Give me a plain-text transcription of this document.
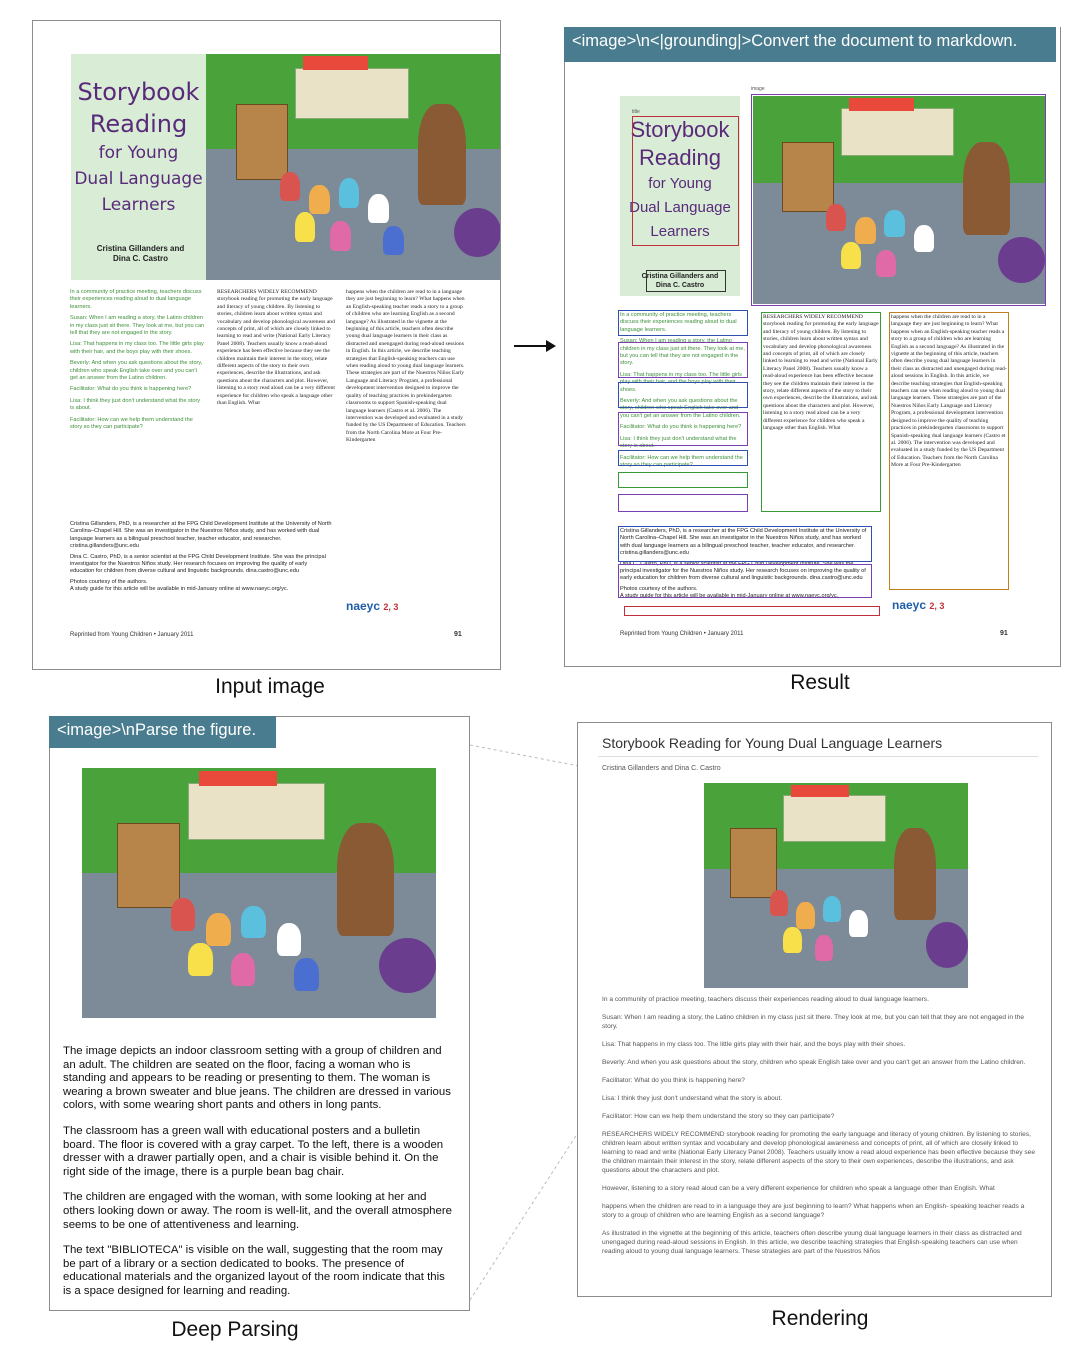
Storybook
Reading
for Young
Dual Language
Learners
Cristina Gillanders and Dina C. Castro
In a community of practice meeting, teachers discuss their experiences reading aloud to dual language learners.
Susan: When I am reading a story, the Latino children in my class just sit there. They look at me, but you can tell that they are not engaged in the story.
Lisa: That happens in my class too. The little girls play with their hair, and the boys play with their shoes.
Beverly: And when you ask questions about the story, children who speak English take over and you can't get an answer from the Latino children.
Facilitator: What do you think is happening here?
Lisa: I think they just don't understand what the story is about.
Facilitator: How can we help them understand the story so they can participate?
RESEARCHERS WIDELY RECOMMEND storybook reading for promoting the early language and literacy of young children. By listening to stories, children learn about written syntax and vocabulary and develop phonological awareness and concepts of print, all of which are closely linked to learning to read and write (National Early Literacy Panel 2008). Teachers usually know a read-aloud experience has been effective because they see the children maintain their interest in the story, relate different aspects of the story to their own experiences, describe the illustrations, and ask questions about the characters and plot. However, listening to a story read aloud can be a very different experience for children who speak a language other than English. What
happens when the children are read to in a language they are just beginning to learn? What happens when an English-speaking teacher reads a story to a group of children who are learning English as a second language? As illustrated in the vignette at the beginning of this article, teachers often describe young dual language learners in their class as distracted and unengaged during read-aloud sessions in English. In this article, we describe teaching strategies that English-speaking teachers can use when reading aloud to young dual language learners. These strategies are part of the Nuestros Niños Early Language and Literacy Program, a professional development intervention designed to improve the quality of teaching practices in prekindergarten classrooms to support Spanish-speaking dual language learners (Castro et al. 2006). The intervention was developed and evaluated in a study funded by the US Department of Education. Teachers from the North Carolina More at Four Pre-Kindergarten
Cristina Gillanders, PhD, is a researcher at the FPG Child Development Institute at the University of North Carolina–Chapel Hill. She was an investigator in the Nuestros Niños study, and has worked with dual language learners as a bilingual preschool teacher, teacher educator, and researcher. cristina.gillanders@unc.edu
Dina C. Castro, PhD, is a senior scientist at the FPG Child Development Institute. She was the principal investigator for the Nuestros Niños study. Her research focuses on improving the quality of early education for children from diverse cultural and linguistic backgrounds. dina.castro@unc.edu
Photos courtesy of the authors.
A study guide for this article will be available in mid-January online at www.naeyc.org/yc.
naeyc 2, 3
Reprinted from Young Children • January 2011	91
Input image
<image>\n<|grounding|>Convert the document to markdown.
Storybook
Reading
for Young
Dual Language
Learners
Cristina Gillanders and Dina C. Castro
image
title
In a community of practice meeting, teachers discuss their experiences reading aloud to dual language learners.
Susan: When I am reading a story, the Latino children in my class just sit there. They look at me, but you can tell that they are not engaged in the story.
Lisa: That happens in my class too. The little girls play with their hair, and the boys play with their shoes.
Beverly: And when you ask questions about the story, children who speak English take over and you can't get an answer from the Latino children.
Facilitator: What do you think is happening here?
Lisa: I think they just don't understand what the story is about.
Facilitator: How can we help them understand the story so they can participate?
RESEARCHERS WIDELY RECOMMEND storybook reading for promoting the early language and literacy of young children. By listening to stories, children learn about written syntax and vocabulary and develop phonological awareness and concepts of print, all of which are closely linked to learning to read and write (National Early Literacy Panel 2008). Teachers usually know a read-aloud experience has been effective because they see the children maintain their interest in the story, relate different aspects of the story to their own experiences, describe the illustrations, and ask questions about the characters and plot. However, listening to a story read aloud can be a very different experience for children who speak a language other than English. What
happens when the children are read to in a language they are just beginning to learn? What happens when an English-speaking teacher reads a story to a group of children who are learning English as a second language? As illustrated in the vignette at the beginning of this article, teachers often describe young dual language learners in their class as distracted and unengaged during read-aloud sessions in English. In this article, we describe teaching strategies that English-speaking teachers can use when reading aloud to young dual language learners. These strategies are part of the Nuestros Niños Early Language and Literacy Program, a professional development intervention designed to improve the quality of teaching practices in prekindergarten classrooms to support Spanish-speaking dual language learners (Castro et al. 2006). The intervention was developed and evaluated in a study funded by the US Department of Education. Teachers from the North Carolina More at Four Pre-Kindergarten
Cristina Gillanders, PhD, is a researcher at the FPG Child Development Institute at the University of North Carolina–Chapel Hill. She was an investigator in the Nuestros Niños study, and has worked with dual language learners as a bilingual preschool teacher, teacher educator, and researcher. cristina.gillanders@unc.edu
Dina C. Castro, PhD, is a senior scientist at the FPG Child Development Institute. She was the principal investigator for the Nuestros Niños study. Her research focuses on improving the quality of early education for children from diverse cultural and linguistic backgrounds. dina.castro@unc.edu
Photos courtesy of the authors.
A study guide for this article will be available in mid-January online at www.naeyc.org/yc.
naeyc 2, 3
Reprinted from Young Children • January 2011	91
Result

The image depicts an indoor classroom setting with a group of children and an adult. The children are seated on the floor, facing a woman who is standing and appears to be reading or presenting to them. The woman is wearing a brown sweater and blue jeans. The children are dressed in various colors, with some wearing short pants and others in long pants.

The classroom has a green wall with educational posters and a bulletin board. The floor is covered with a gray carpet. To the left, there is a wooden dresser with a drawer partially open, and a chair is visible behind it. On the right side of the image, there is a purple bean bag chair.

The children are engaged with the woman, with some looking at her and others looking down or away. The room is well-lit, and the overall atmosphere seems to be one of attentiveness and learning.

The text "BIBLIOTECA" is visible on the wall, suggesting that the room may be part of a library or a section dedicated to books. The presence of educational materials and the organized layout of the room indicate that this is a space designed for learning and reading.

<image>\nParse the figure.
Deep Parsing
Storybook Reading for Young Dual Language Learners
Cristina Gillanders and Dina C. Castro

In a community of practice meeting, teachers discuss their experiences reading aloud to dual language learners.

Susan: When I am reading a story, the Latino children in my class just sit there. They look at me, but you can tell that they are not engaged in the story.

Lisa: That happens in my class too. The little girls play with their hair, and the boys play with their shoes.

Beverly: And when you ask questions about the story, children who speak English take over and you can't get an answer from the Latino children.

Facilitator: What do you think is happening here?

Lisa: I think they just don't understand what the story is about.

Facilitator: How can we help them understand the story so they can participate?

RESEARCHERS WIDELY RECOMMEND storybook reading for promoting the early language and literacy of young children. By listening to stories, children learn about written syntax and vocabulary and develop phonological awareness and concepts of print, all of which are closely linked to learning to read and write (National Early Literacy Panel 2008). Teachers usually know a read aloud experience has been effective because they see the children maintain their interest in the story, relate different aspects of the story to their own experiences, describe the illustrations, and ask questions about the characters and plot.

However, listening to a story read aloud can be a very different experience for children who speak a language other than English. What

happens when the children are read to in a language they are just beginning to learn? What happens when an English- speaking teacher reads a story to a group of children who are learning English as a second language?

As illustrated in the vignette at the beginning of this article, teachers often describe young dual language learners in their class as distracted and unengaged during read-aloud sessions in English. In this article, we describe teaching strategies that English-speaking teachers can use when reading aloud to young dual language learners. These strategies are part of the Nuestros Niños

Rendering
